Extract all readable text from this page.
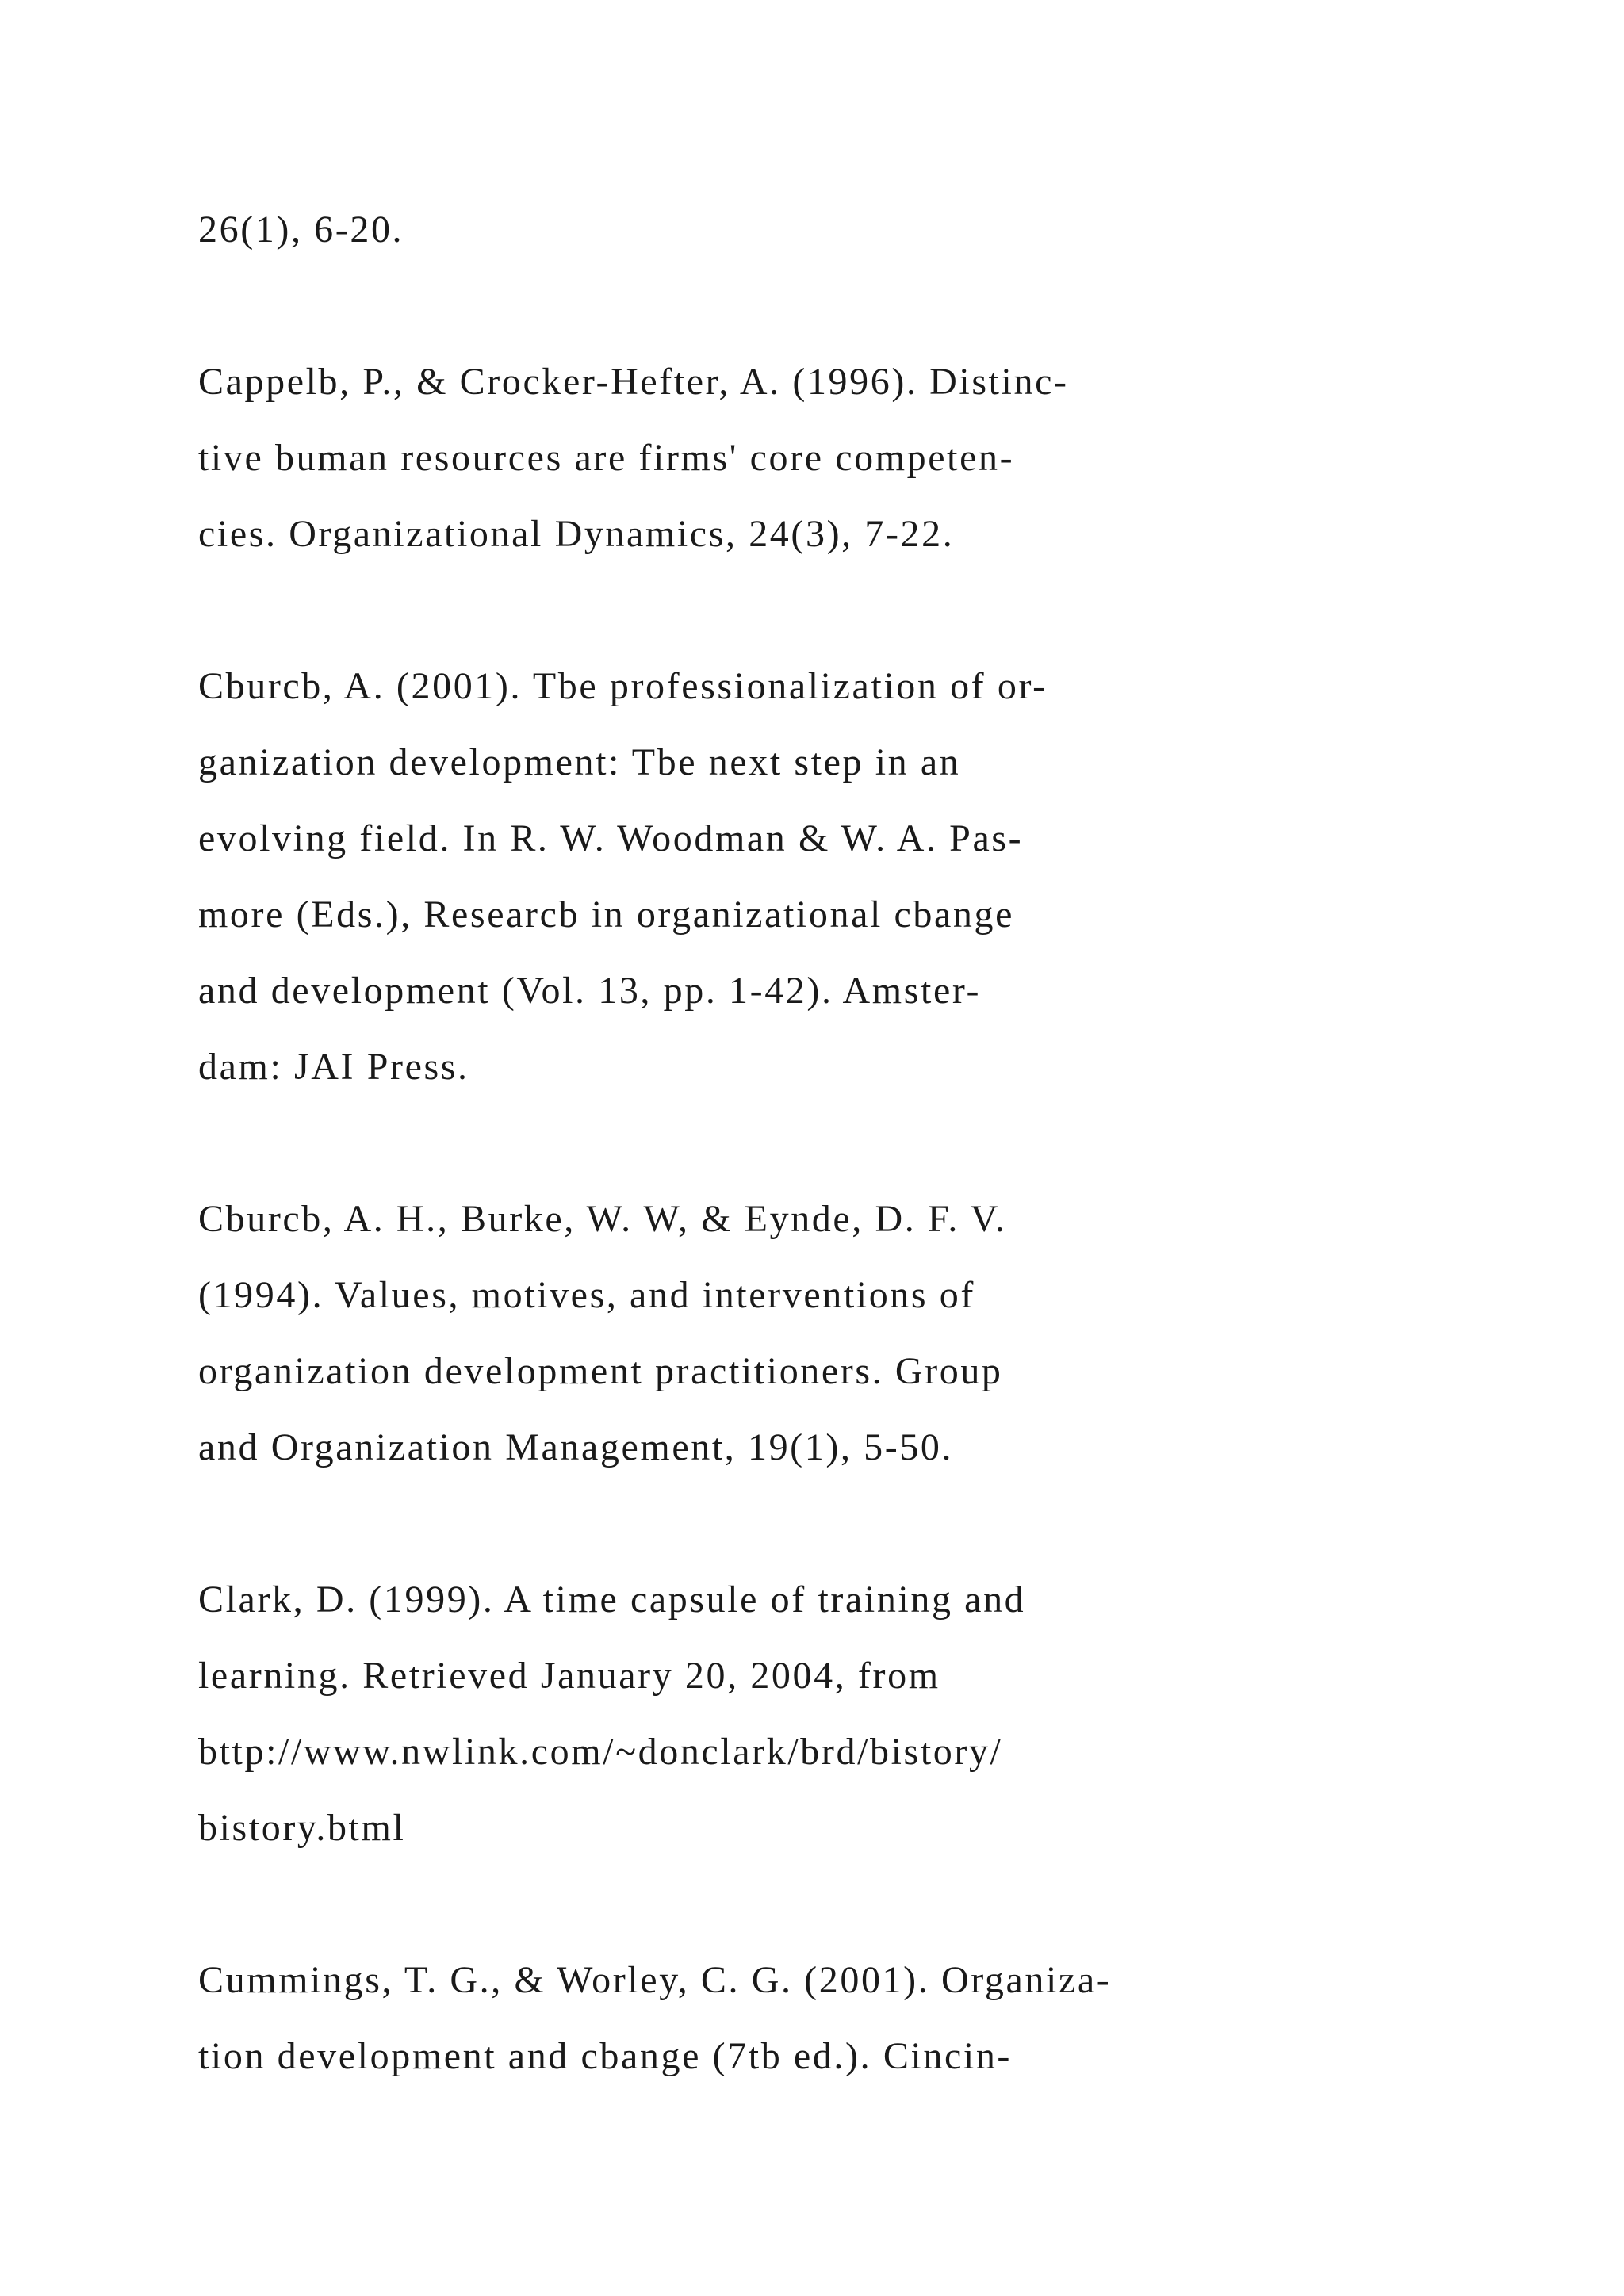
26(1), 6-20.
Cappelb, P., & Crocker-Hefter, A. (1996). Distinc-
tive buman resources are firms' core competen-
cies. Organizational Dynamics, 24(3), 7-22.
Cburcb, A. (2001). Tbe professionalization of or-
ganization development: Tbe next step in an
evolving field. In R. W. Woodman & W. A. Pas-
more (Eds.), Researcb in organizational cbange
and development (Vol. 13, pp. 1-42). Amster-
dam: JAI Press.
Cburcb, A. H., Burke, W. W, & Eynde, D. F. V.
(1994). Values, motives, and interventions of
organization development practitioners. Group
and Organization Management, 19(1), 5-50.
Clark, D. (1999). A time capsule of training and
learning. Retrieved January 20, 2004, from
bttp://www.nwlink.com/~donclark/brd/bistory/
bistory.btml
Cummings, T. G., & Worley, C. G. (2001). Organiza-
tion development and cbange (7tb ed.). Cincin-
